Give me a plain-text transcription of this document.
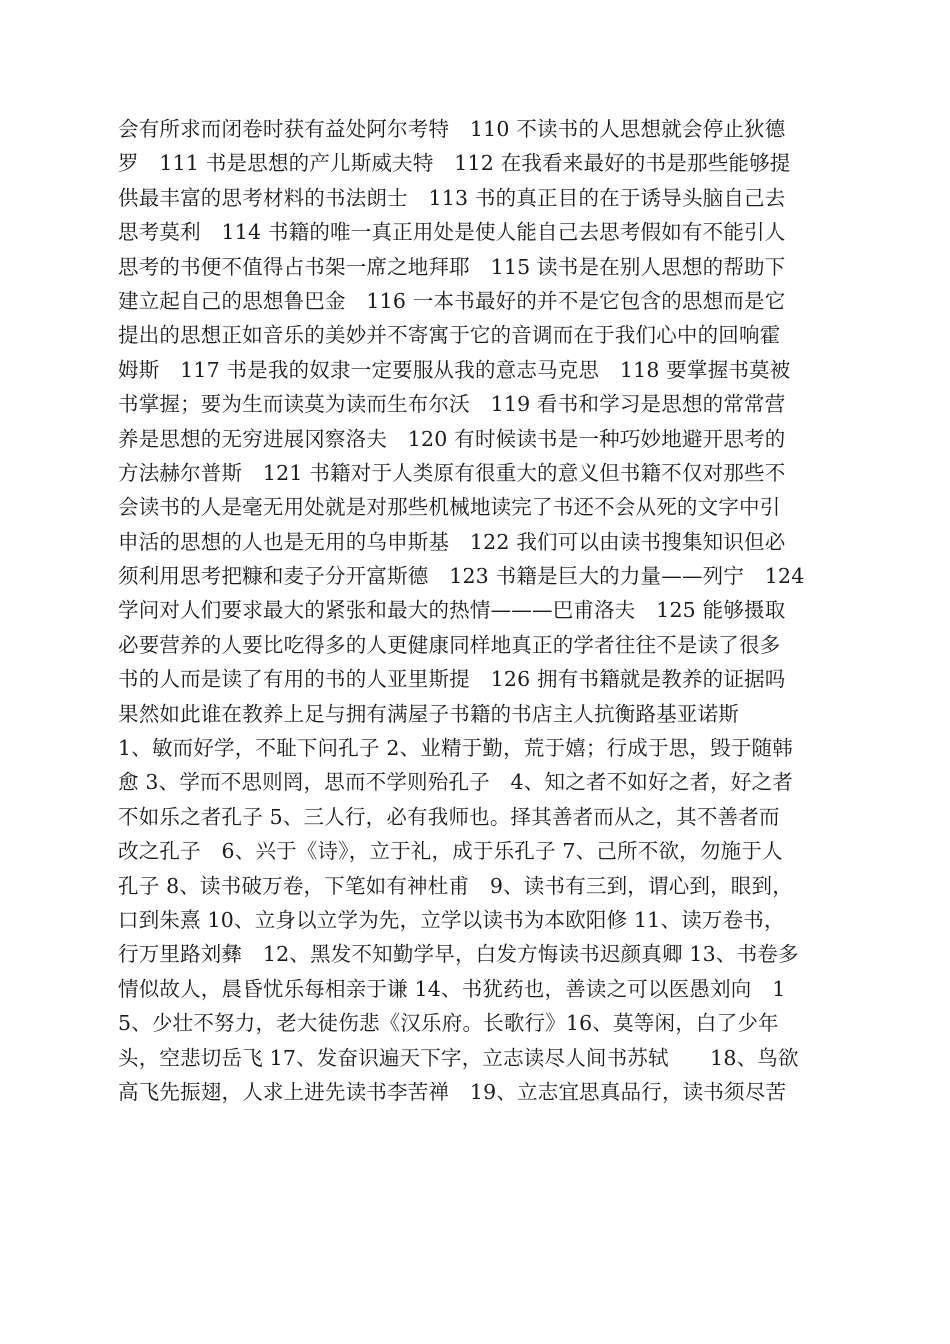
会有所求而闭卷时获有益处阿尔考特　110 不读书的人思想就会停止狄德
罗　111 书是思想的产儿斯威夫特　112 在我看来最好的书是那些能够提
供最丰富的思考材料的书法朗士　113 书的真正目的在于诱导头脑自己去
思考莫利　114 书籍的唯一真正用处是使人能自己去思考假如有不能引人
思考的书便不值得占书架一席之地拜耶　115 读书是在别人思想的帮助下
建立起自己的思想鲁巴金　116 一本书最好的并不是它包含的思想而是它
提出的思想正如音乐的美妙并不寄寓于它的音调而在于我们心中的回响霍
姆斯　117 书是我的奴隶一定要服从我的意志马克思　118 要掌握书莫被
书掌握；要为生而读莫为读而生布尔沃　119 看书和学习是思想的常常营
养是思想的无穷进展冈察洛夫　120 有时候读书是一种巧妙地避开思考的
方法赫尔普斯　121 书籍对于人类原有很重大的意义但书籍不仅对那些不
会读书的人是毫无用处就是对那些机械地读完了书还不会从死的文字中引
申活的思想的人也是无用的乌申斯基　122 我们可以由读书搜集知识但必
须利用思考把糠和麦子分开富斯德　123 书籍是巨大的力量——列宁　124
学问对人们要求最大的紧张和最大的热情———巴甫洛夫　125 能够摄取
必要营养的人要比吃得多的人更健康同样地真正的学者往往不是读了很多
书的人而是读了有用的书的人亚里斯提　126 拥有书籍就是教养的证据吗
果然如此谁在教养上足与拥有满屋子书籍的书店主人抗衡路基亚诺斯
1、敏而好学，不耻下问孔子 2、业精于勤，荒于嬉；行成于思，毁于随韩
愈 3、学而不思则罔，思而不学则殆孔子　4、知之者不如好之者，好之者
不如乐之者孔子 5、三人行，必有我师也。择其善者而从之，其不善者而
改之孔子　6、兴于《诗》，立于礼，成于乐孔子 7、己所不欲，勿施于人
孔子 8、读书破万卷，下笔如有神杜甫　9、读书有三到，谓心到，眼到，
口到朱熹 10、立身以立学为先，立学以读书为本欧阳修 11、读万卷书，
行万里路刘彝　12、黑发不知勤学早，白发方悔读书迟颜真卿 13、书卷多
情似故人，晨昏忧乐每相亲于谦 14、书犹药也，善读之可以医愚刘向　1
5、少壮不努力，老大徒伤悲《汉乐府。长歌行》16、莫等闲，白了少年
头，空悲切岳飞 17、发奋识遍天下字，立志读尽人间书苏轼　　18、鸟欲
高飞先振翅，人求上进先读书李苦禅　19、立志宜思真品行，读书须尽苦
